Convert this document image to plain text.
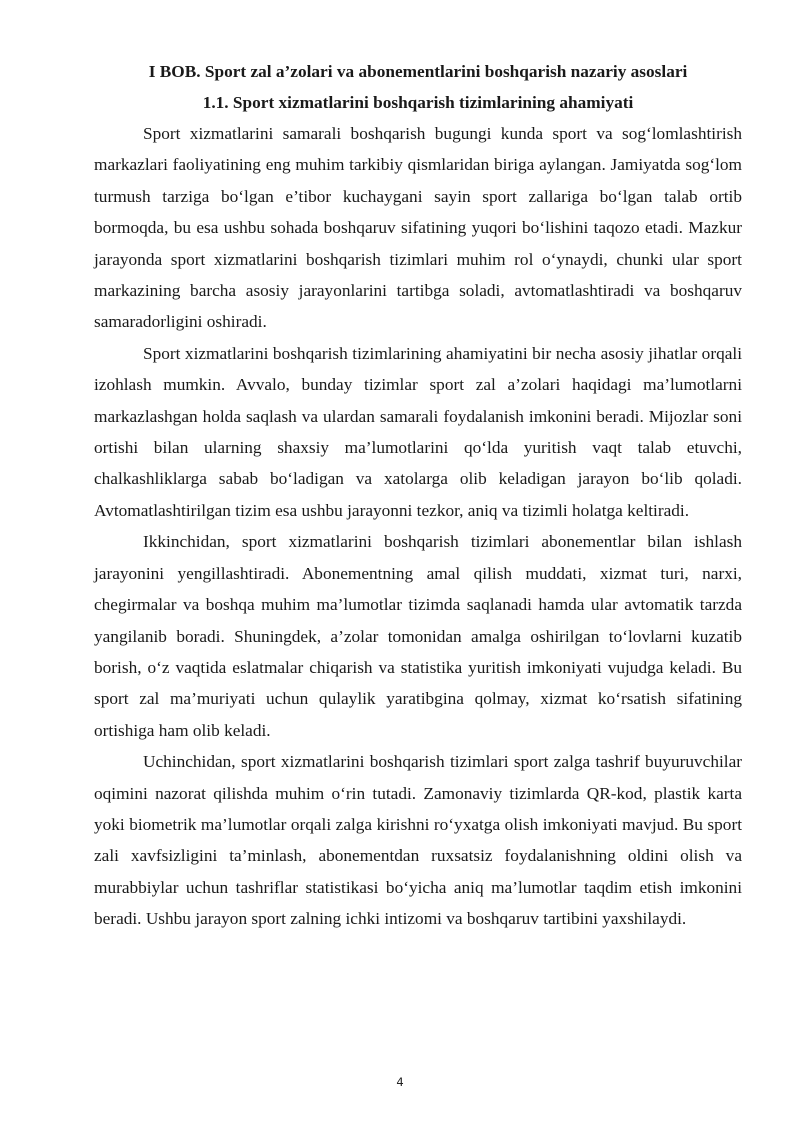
I BOB. Sport zal a’zolari va abonementlarini boshqarish nazariy asoslari
1.1. Sport xizmatlarini boshqarish tizimlarining ahamiyati

Sport xizmatlarini samarali boshqarish bugungi kunda sport va sog‘lomlashtirish markazlari faoliyatining eng muhim tarkibiy qismlaridan biriga aylangan. Jamiyatda sog‘lom turmush tarziga bo‘lgan e’tibor kuchaygani sayin sport zallariga bo‘lgan talab ortib bormoqda, bu esa ushbu sohada boshqaruv sifatining yuqori bo‘lishini taqozo etadi. Mazkur jarayonda sport xizmatlarini boshqarish tizimlari muhim rol o‘ynaydi, chunki ular sport markazining barcha asosiy jarayonlarini tartibga soladi, avtomatlashtiradi va boshqaruv samaradorligini oshiradi.

Sport xizmatlarini boshqarish tizimlarining ahamiyatini bir necha asosiy jihatlar orqali izohlash mumkin. Avvalo, bunday tizimlar sport zal a’zolari haqidagi ma’lumotlarni markazlashgan holda saqlash va ulardan samarali foydalanish imkonini beradi. Mijozlar soni ortishi bilan ularning shaxsiy ma’lumotlarini qo‘lda yuritish vaqt talab etuvchi, chalkashliklarga sabab bo‘ladigan va xatolarga olib keladigan jarayon bo‘lib qoladi. Avtomatlashtirilgan tizim esa ushbu jarayonni tezkor, aniq va tizimli holatga keltiradi.

Ikkinchidan, sport xizmatlarini boshqarish tizimlari abonementlar bilan ishlash jarayonini yengillashtiradi. Abonementning amal qilish muddati, xizmat turi, narxi, chegirmalar va boshqa muhim ma’lumotlar tizimda saqlanadi hamda ular avtomatik tarzda yangilanib boradi. Shuningdek, a’zolar tomonidan amalga oshirilgan to‘lovlarni kuzatib borish, o‘z vaqtida eslatmalar chiqarish va statistika yuritish imkoniyati vujudga keladi. Bu sport zal ma’muriyati uchun qulaylik yaratibgina qolmay, xizmat ko‘rsatish sifatining ortishiga ham olib keladi.

Uchinchidan, sport xizmatlarini boshqarish tizimlari sport zalga tashrif buyuruvchilar oqimini nazorat qilishda muhim o‘rin tutadi. Zamonaviy tizimlarda QR-kod, plastik karta yoki biometrik ma’lumotlar orqali zalga kirishni ro‘yxatga olish imkoniyati mavjud. Bu sport zali xavfsizligini ta’minlash, abonementdan ruxsatsiz foydalanishning oldini olish va murabbiylar uchun tashriflar statistikasi bo‘yicha aniq ma’lumotlar taqdim etish imkonini beradi. Ushbu jarayon sport zalning ichki intizomi va boshqaruv tartibini yaxshilaydi.

4
